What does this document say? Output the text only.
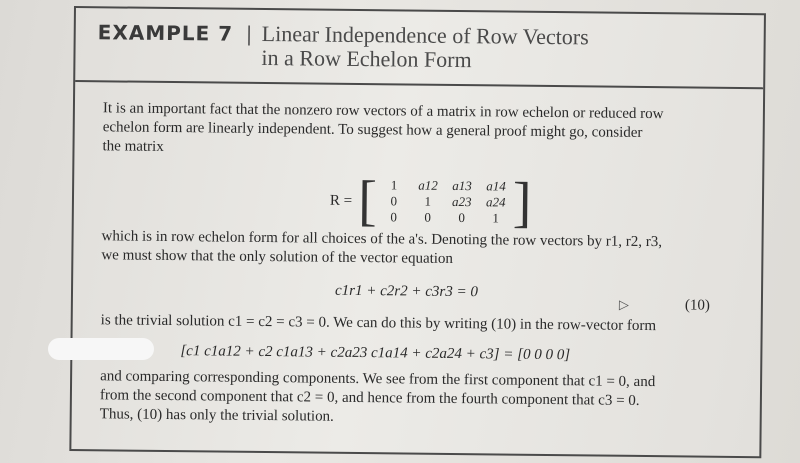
EXAMPLE 7 | Linear Independence of Row Vectors
in a Row Echelon Form
It is an important fact that the nonzero row vectors of a matrix in row echelon or reduced row
echelon form are linearly independent. To suggest how a general proof might go, consider
the matrix
R = [ 1	a12	a13	a14
0	1	a23	a24
0	0	0	1 ]
which is in row echelon form for all choices of the a's. Denoting the row vectors by r1, r2, r3,
we must show that the only solution of the vector equation
c1r1 + c2r2 + c3r3 = 0
(10)
▷
is the trivial solution c1 = c2 = c3 = 0. We can do this by writing (10) in the row-vector form
[c1 c1a12 + c2 c1a13 + c2a23 c1a14 + c2a24 + c3] = [0 0 0 0]
and comparing corresponding components. We see from the first component that c1 = 0, and
from the second component that c2 = 0, and hence from the fourth component that c3 = 0.
Thus, (10) has only the trivial solution.
